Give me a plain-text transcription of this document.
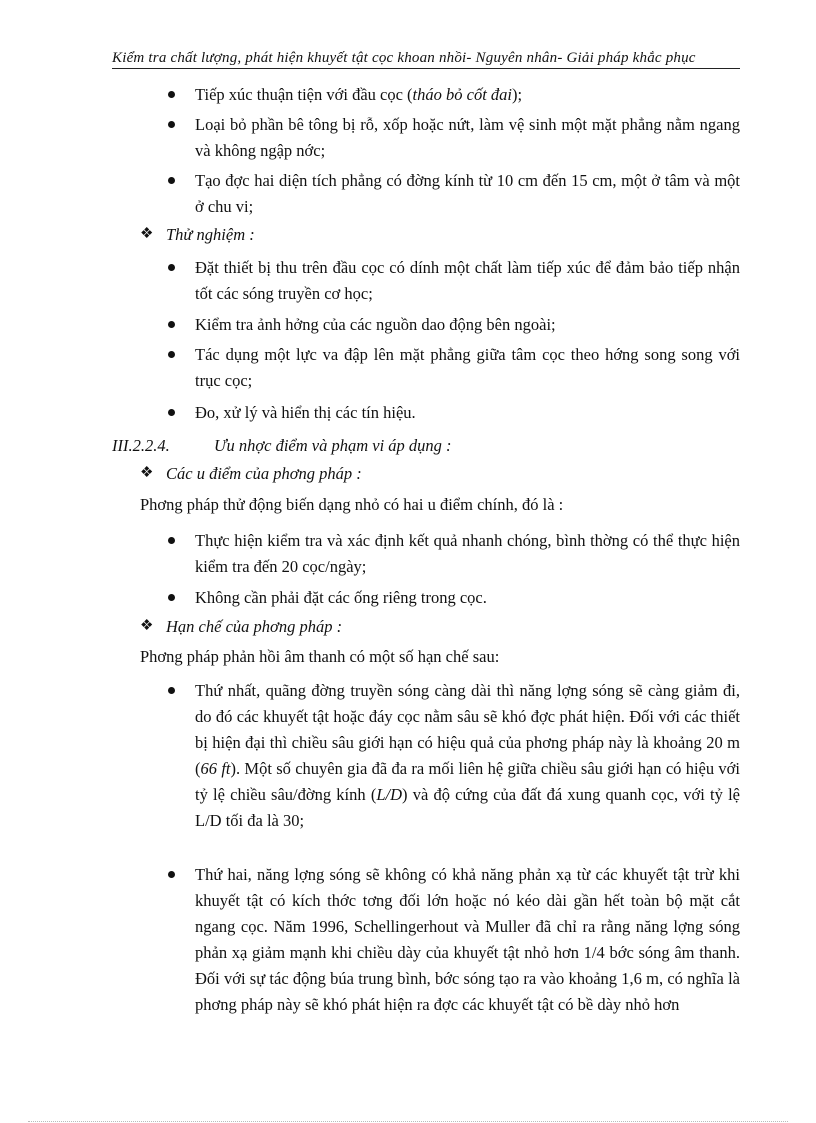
Kiểm tra chất lượng, phát hiện khuyết tật cọc khoan nhồi- Nguyên nhân- Giải pháp khắc phục
Tiếp xúc thuận tiện với đầu cọc (tháo bỏ cốt đai);
Loại bỏ phần bê tông bị rỗ, xốp hoặc nứt, làm vệ sinh một mặt phẳng nằm ngang và không ngập nớc;
Tạo đợc hai diện tích phẳng có đờng kính từ 10 cm đến 15 cm, một ở tâm và một ở chu vi;
❖ Thử nghiệm :
Đặt thiết bị thu trên đầu cọc có dính một chất làm tiếp xúc để đảm bảo tiếp nhận tốt các sóng truyền cơ học;
Kiểm tra ảnh hởng của các nguồn dao động bên ngoài;
Tác dụng một lực va đập lên mặt phẳng giữa tâm cọc theo hớng song song với trục cọc;
Đo, xử lý và hiển thị các tín hiệu.
III.2.2.4.	Ưu nhợc điểm và phạm vi áp dụng :
❖ Các u điểm của phơng pháp :
Phơng pháp thử động biến dạng nhỏ có hai u điểm chính, đó là :
Thực hiện kiểm tra và xác định kết quả nhanh chóng, bình thờng có thể thực hiện kiểm tra đến 20 cọc/ngày;
Không cần phải đặt các ống riêng trong cọc.
❖ Hạn chế của phơng pháp :
Phơng pháp phản hồi âm thanh có một số hạn chế sau:
Thứ nhất, quãng đờng truyền sóng càng dài thì năng lợng sóng sẽ càng giảm đi, do đó các khuyết tật hoặc đáy cọc nằm sâu sẽ khó đợc phát hiện. Đối với các thiết bị hiện đại thì chiều sâu giới hạn có hiệu quả của phơng pháp này là khoảng 20 m (66 ft). Một số chuyên gia đã đa ra mối liên hệ giữa chiều sâu giới hạn có hiệu với tỷ lệ chiều sâu/đờng kính (L/D) và độ cứng của đất đá xung quanh cọc, với tỷ lệ L/D tối đa là 30;
Thứ hai, năng lợng sóng sẽ không có khả năng phản xạ từ các khuyết tật trừ khi khuyết tật có kích thớc tơng đối lớn hoặc nó kéo dài gần hết toàn bộ mặt cắt ngang cọc. Năm 1996, Schellingerhout và Muller đã chỉ ra rằng năng lợng sóng phản xạ giảm mạnh khi chiều dày của khuyết tật nhỏ hơn 1/4 bớc sóng âm thanh. Đối với sự tác động búa trung bình, bớc sóng tạo ra vào khoảng 1,6 m, có nghĩa là phơng pháp này sẽ khó phát hiện ra đợc các khuyết tật có bề dày nhỏ hơn
